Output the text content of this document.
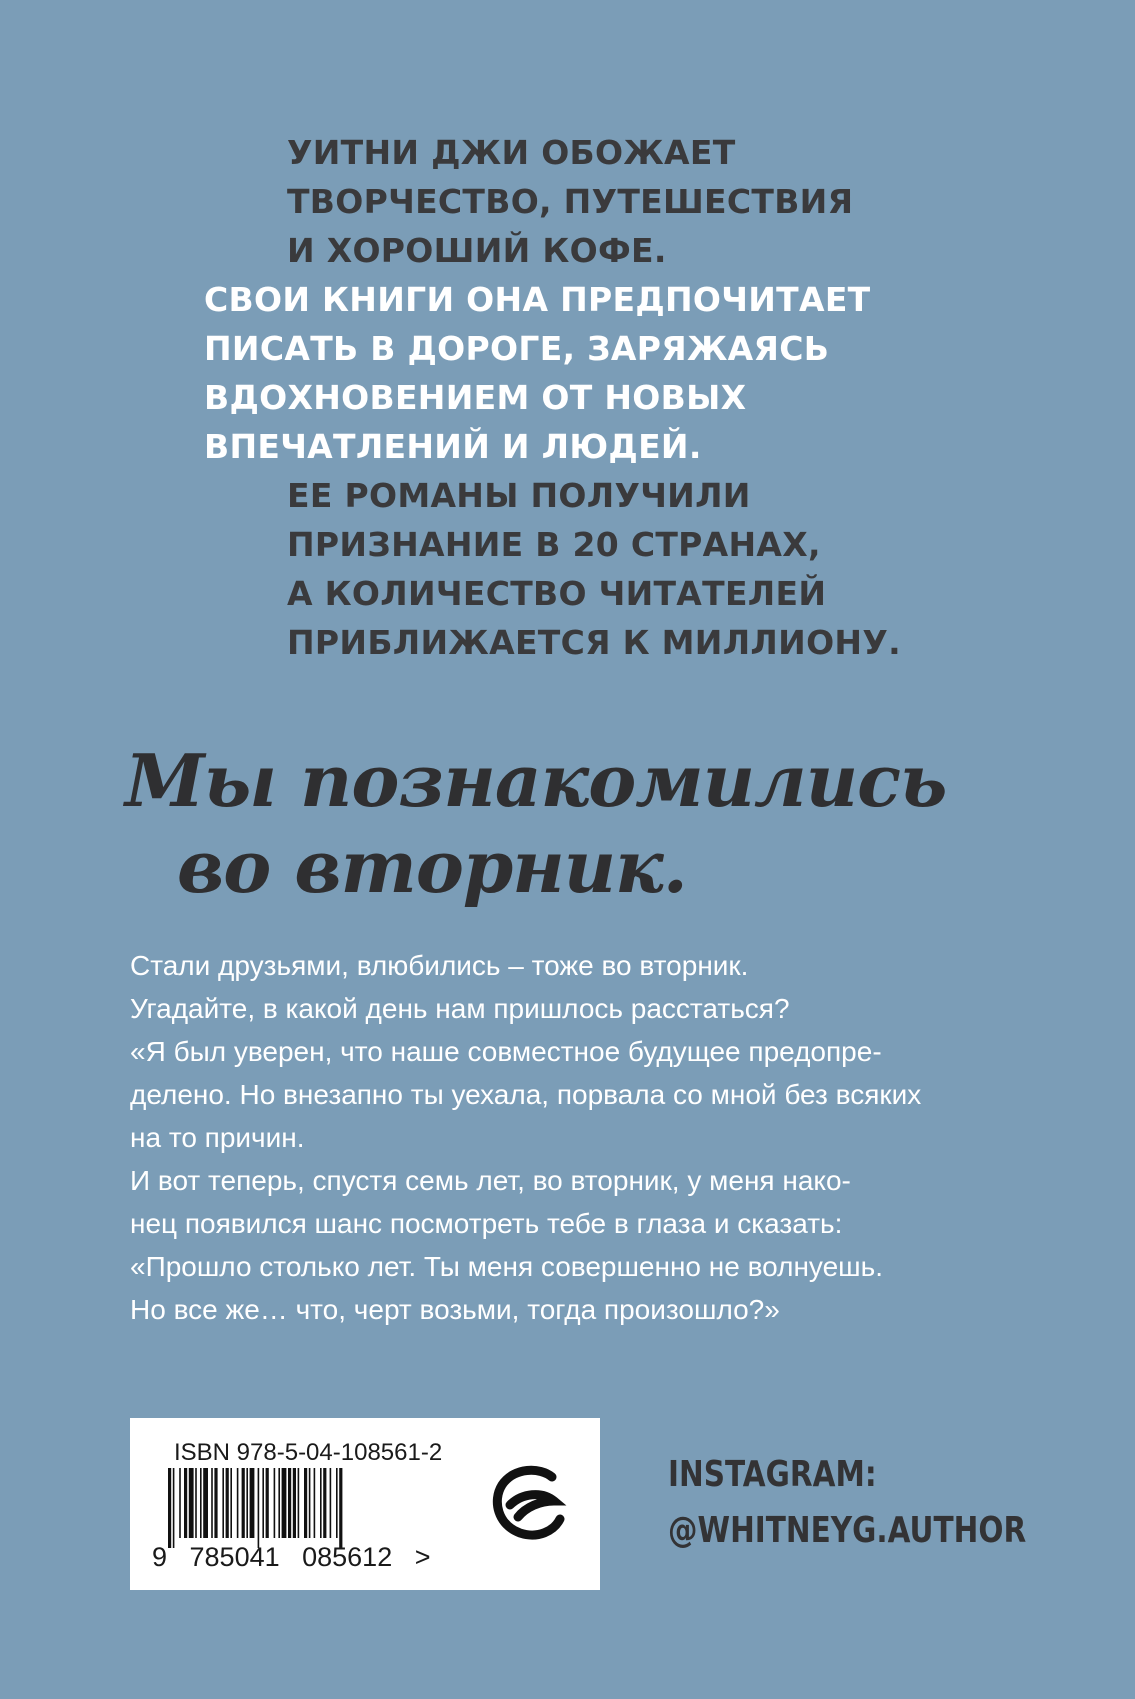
УИТНИ ДЖИ ОБОЖАЕТ

ТВОРЧЕСТВО, ПУТЕШЕСТВИЯ

И ХОРОШИЙ КОФЕ.

СВОИ КНИГИ ОНА ПРЕДПОЧИТАЕТ

ПИСАТЬ В ДОРОГЕ, ЗАРЯЖАЯСЬ

ВДОХНОВЕНИЕМ ОТ НОВЫХ

ВПЕЧАТЛЕНИЙ И ЛЮДЕЙ.

ЕЕ РОМАНЫ ПОЛУЧИЛИ

ПРИЗНАНИЕ В 20 СТРАНАХ,

А КОЛИЧЕСТВО ЧИТАТЕЛЕЙ

ПРИБЛИЖАЕТСЯ К МИЛЛИОНУ.

Мы познакомились
во вторник.

Стали друзьями, влюбились – тоже во вторник.

Угадайте, в какой день нам пришлось расстаться?

«Я был уверен, что наше совместное будущее предопре-

делено. Но внезапно ты уехала, порвала со мной без всяких

на то причин.

И вот теперь, спустя семь лет, во вторник, у меня нако-

нец появился шанс посмотреть тебе в глаза и сказать:

«Прошло столько лет. Ты меня совершенно не волнуешь.

Но все же… что, черт возьми, тогда произошло?»

ISBN 978-5-04-108561-2
9   785041   085612   >

INSTAGRAM:
@WHITNEYG.AUTHOR
